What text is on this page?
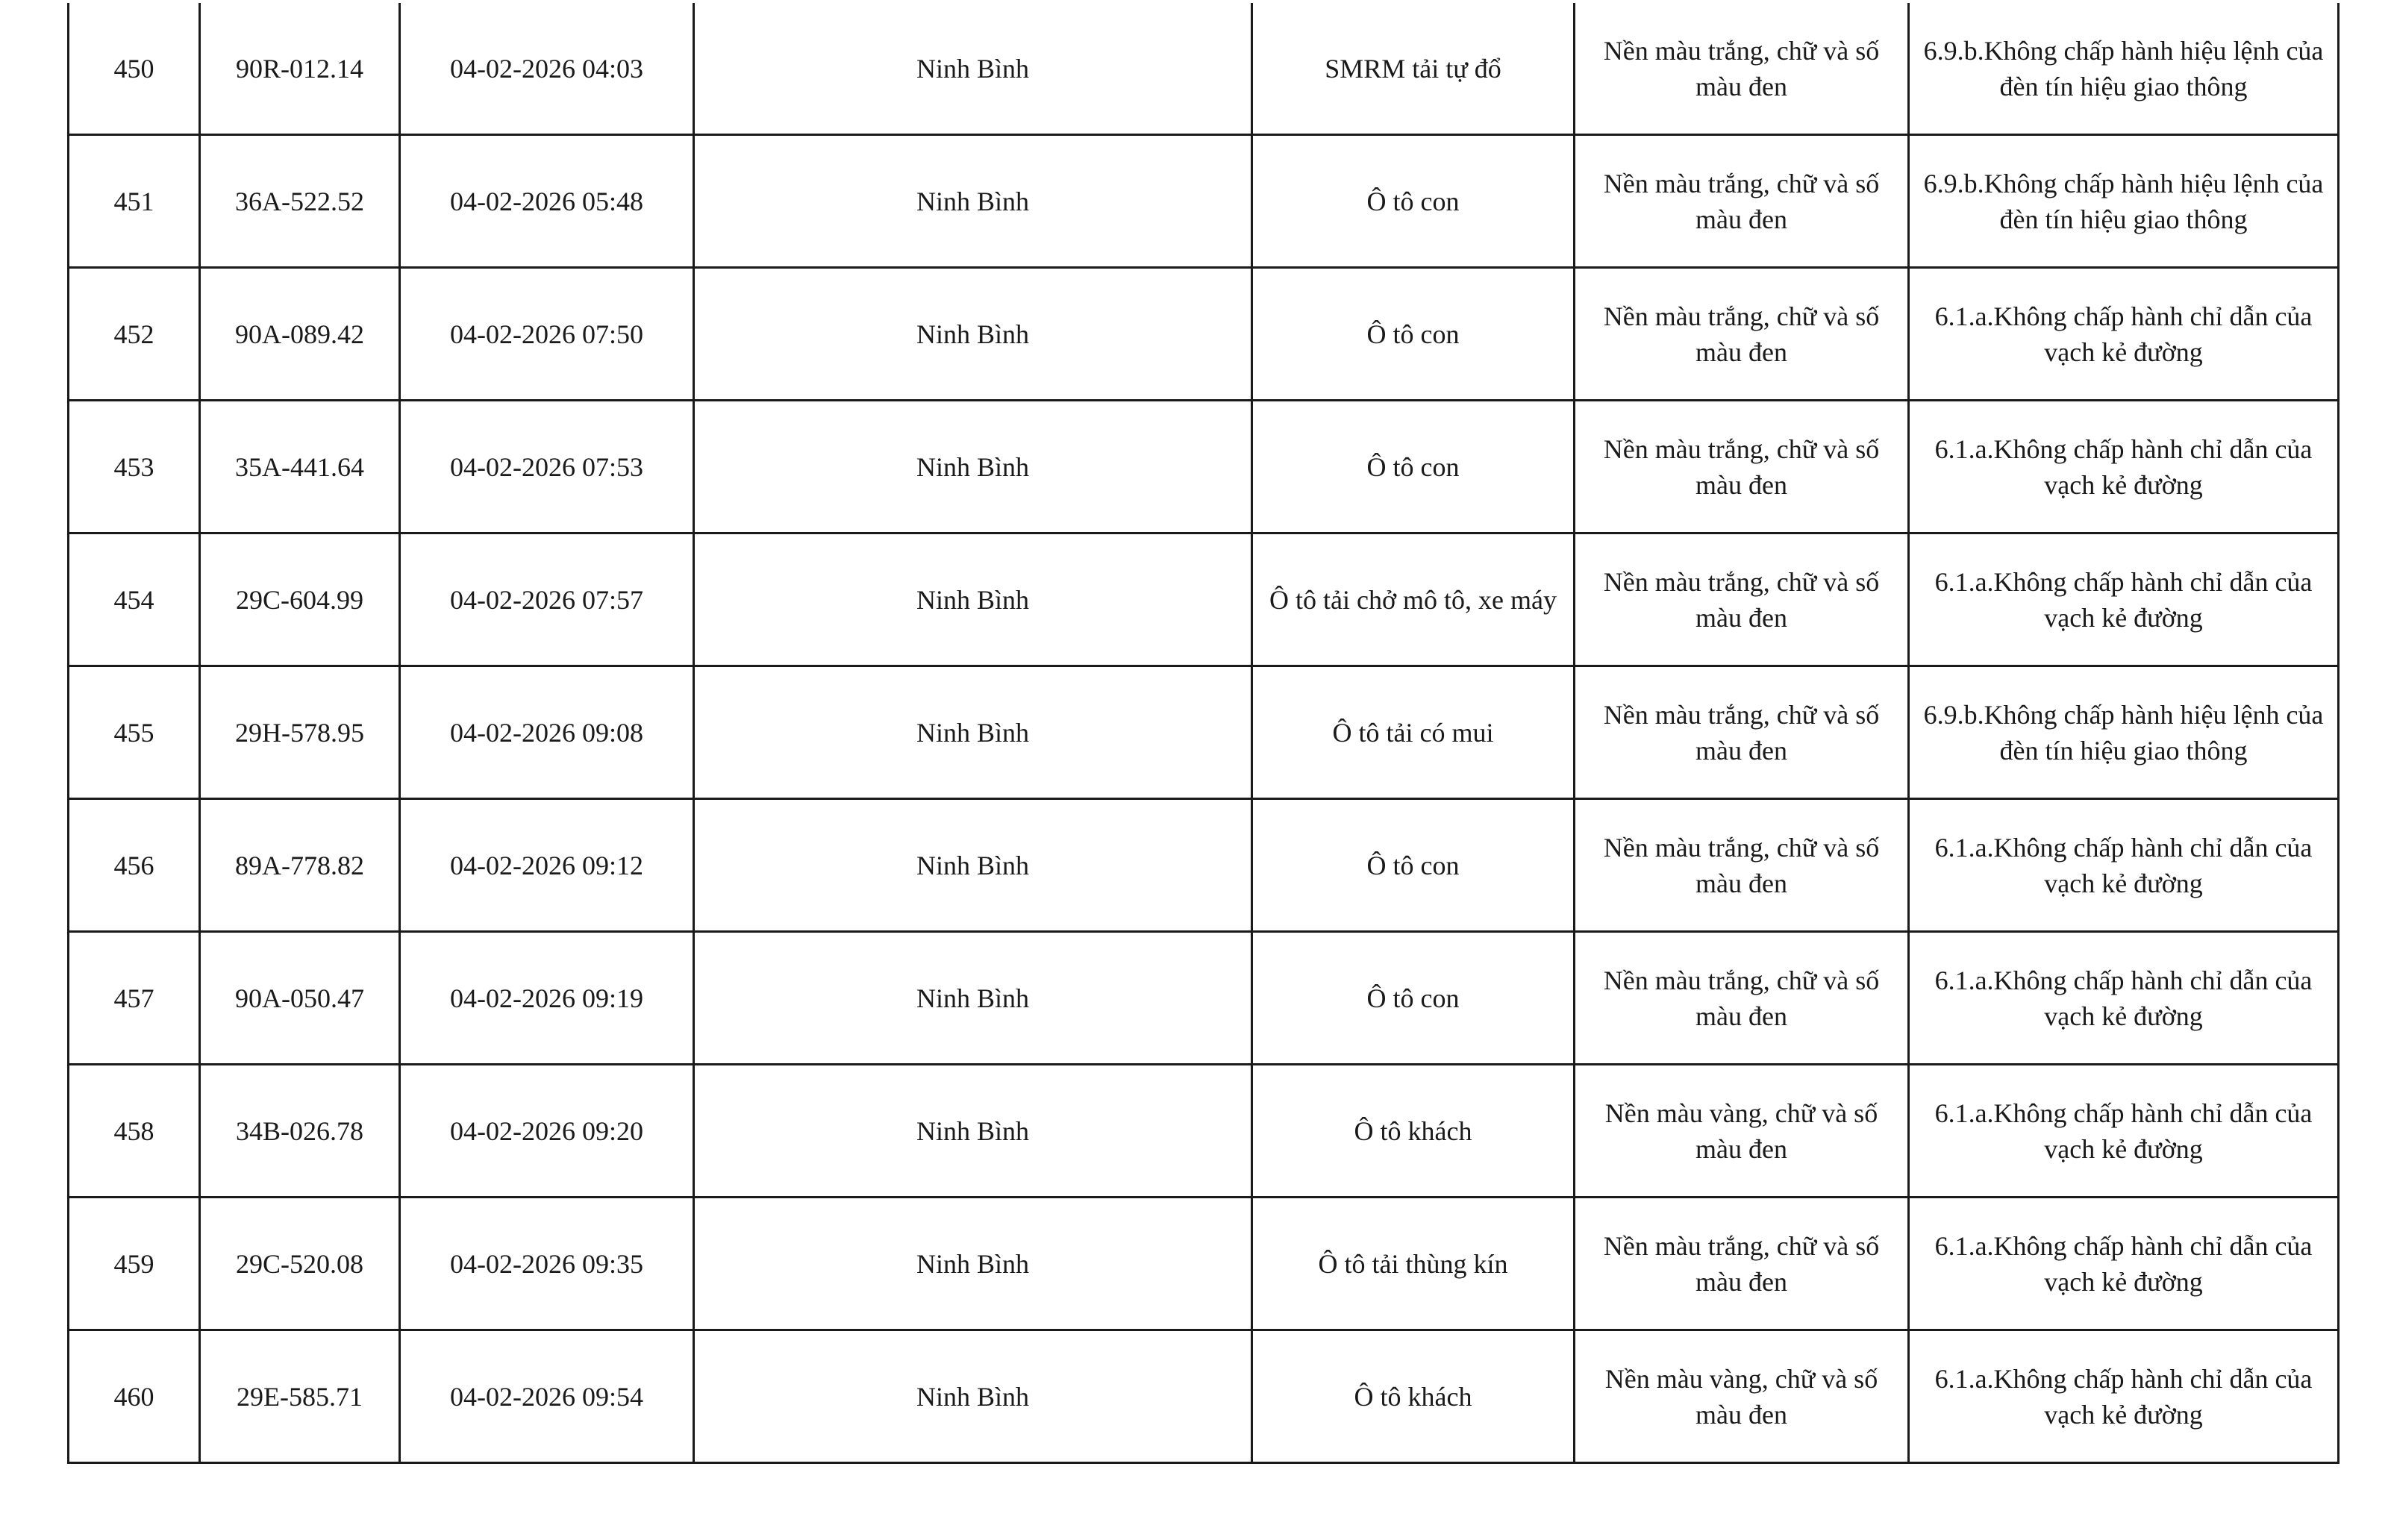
450	90R-012.14	04-02-2026 04:03	Ninh Bình	SMRM tải tự đổ	Nền màu trắng, chữ và số màu đen	6.9.b.Không chấp hành hiệu lệnh của đèn tín hiệu giao thông
451	36A-522.52	04-02-2026 05:48	Ninh Bình	Ô tô con	Nền màu trắng, chữ và số màu đen	6.9.b.Không chấp hành hiệu lệnh của đèn tín hiệu giao thông
452	90A-089.42	04-02-2026 07:50	Ninh Bình	Ô tô con	Nền màu trắng, chữ và số màu đen	6.1.a.Không chấp hành chỉ dẫn của vạch kẻ đường
453	35A-441.64	04-02-2026 07:53	Ninh Bình	Ô tô con	Nền màu trắng, chữ và số màu đen	6.1.a.Không chấp hành chỉ dẫn của vạch kẻ đường
454	29C-604.99	04-02-2026 07:57	Ninh Bình	Ô tô tải chở mô tô, xe máy	Nền màu trắng, chữ và số màu đen	6.1.a.Không chấp hành chỉ dẫn của vạch kẻ đường
455	29H-578.95	04-02-2026 09:08	Ninh Bình	Ô tô tải có mui	Nền màu trắng, chữ và số màu đen	6.9.b.Không chấp hành hiệu lệnh của đèn tín hiệu giao thông
456	89A-778.82	04-02-2026 09:12	Ninh Bình	Ô tô con	Nền màu trắng, chữ và số màu đen	6.1.a.Không chấp hành chỉ dẫn của vạch kẻ đường
457	90A-050.47	04-02-2026 09:19	Ninh Bình	Ô tô con	Nền màu trắng, chữ và số màu đen	6.1.a.Không chấp hành chỉ dẫn của vạch kẻ đường
458	34B-026.78	04-02-2026 09:20	Ninh Bình	Ô tô khách	Nền màu vàng, chữ và số màu đen	6.1.a.Không chấp hành chỉ dẫn của vạch kẻ đường
459	29C-520.08	04-02-2026 09:35	Ninh Bình	Ô tô tải thùng kín	Nền màu trắng, chữ và số màu đen	6.1.a.Không chấp hành chỉ dẫn của vạch kẻ đường
460	29E-585.71	04-02-2026 09:54	Ninh Bình	Ô tô khách	Nền màu vàng, chữ và số màu đen	6.1.a.Không chấp hành chỉ dẫn của vạch kẻ đường
